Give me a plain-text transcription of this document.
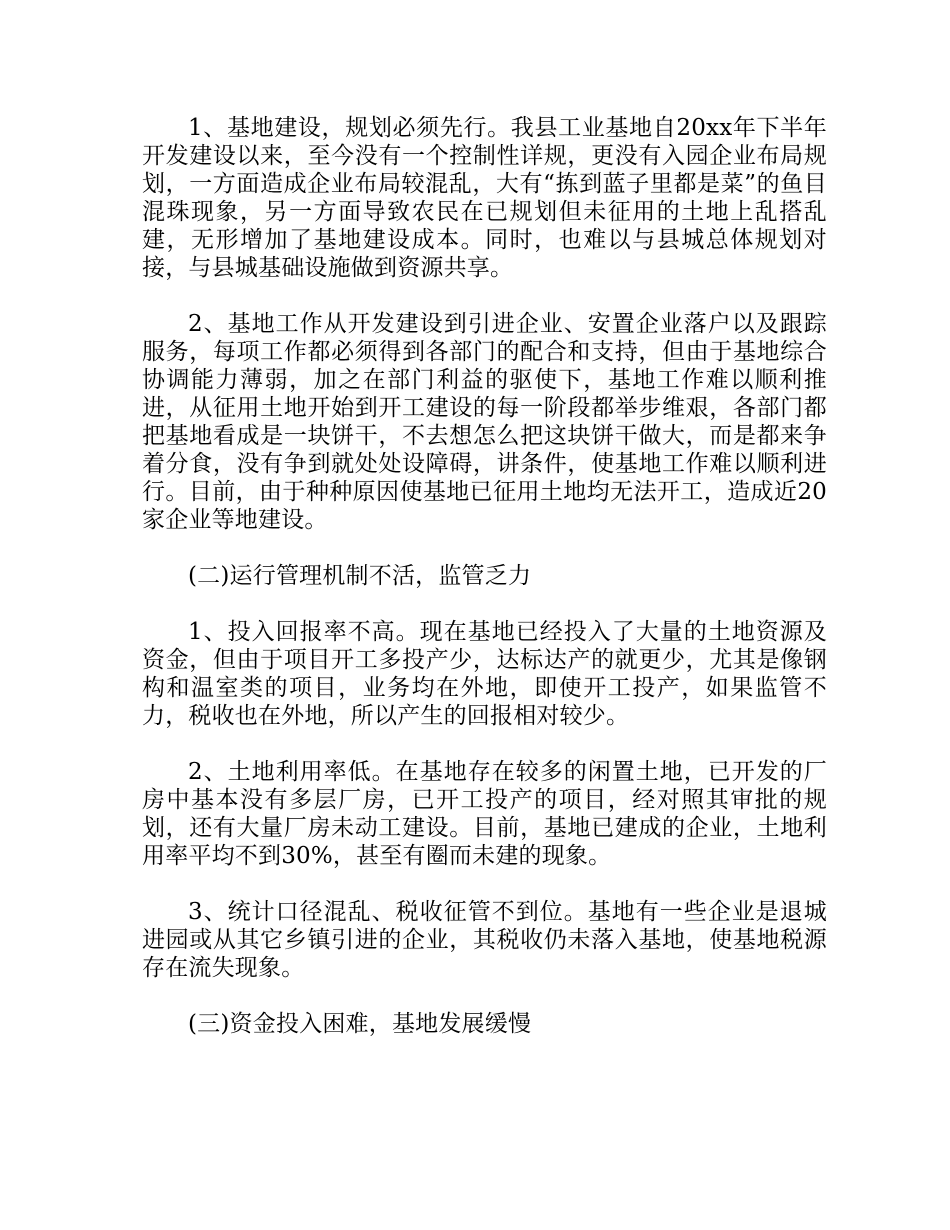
1、基地建设，规划必须先行。我县工业基地自20xx年下半年开发建设以来，至今没有一个控制性详规，更没有入园企业布局规划，一方面造成企业布局较混乱，大有“拣到蓝子里都是菜”的鱼目混珠现象，另一方面导致农民在已规划但未征用的土地上乱搭乱建，无形增加了基地建设成本。同时，也难以与县城总体规划对接，与县城基础设施做到资源共享。

2、基地工作从开发建设到引进企业、安置企业落户以及跟踪服务，每项工作都必须得到各部门的配合和支持，但由于基地综合协调能力薄弱，加之在部门利益的驱使下，基地工作难以顺利推进，从征用土地开始到开工建设的每一阶段都举步维艰，各部门都把基地看成是一块饼干，不去想怎么把这块饼干做大，而是都来争着分食，没有争到就处处设障碍，讲条件，使基地工作难以顺利进行。目前，由于种种原因使基地已征用土地均无法开工，造成近20家企业等地建设。

(二)运行管理机制不活，监管乏力

1、投入回报率不高。现在基地已经投入了大量的土地资源及资金，但由于项目开工多投产少，达标达产的就更少，尤其是像钢构和温室类的项目，业务均在外地，即使开工投产，如果监管不力，税收也在外地，所以产生的回报相对较少。

2、土地利用率低。在基地存在较多的闲置土地，已开发的厂房中基本没有多层厂房，已开工投产的项目，经对照其审批的规划，还有大量厂房未动工建设。目前，基地已建成的企业，土地利用率平均不到30%，甚至有圈而未建的现象。

3、统计口径混乱、税收征管不到位。基地有一些企业是退城进园或从其它乡镇引进的企业，其税收仍未落入基地，使基地税源存在流失现象。

(三)资金投入困难，基地发展缓慢
